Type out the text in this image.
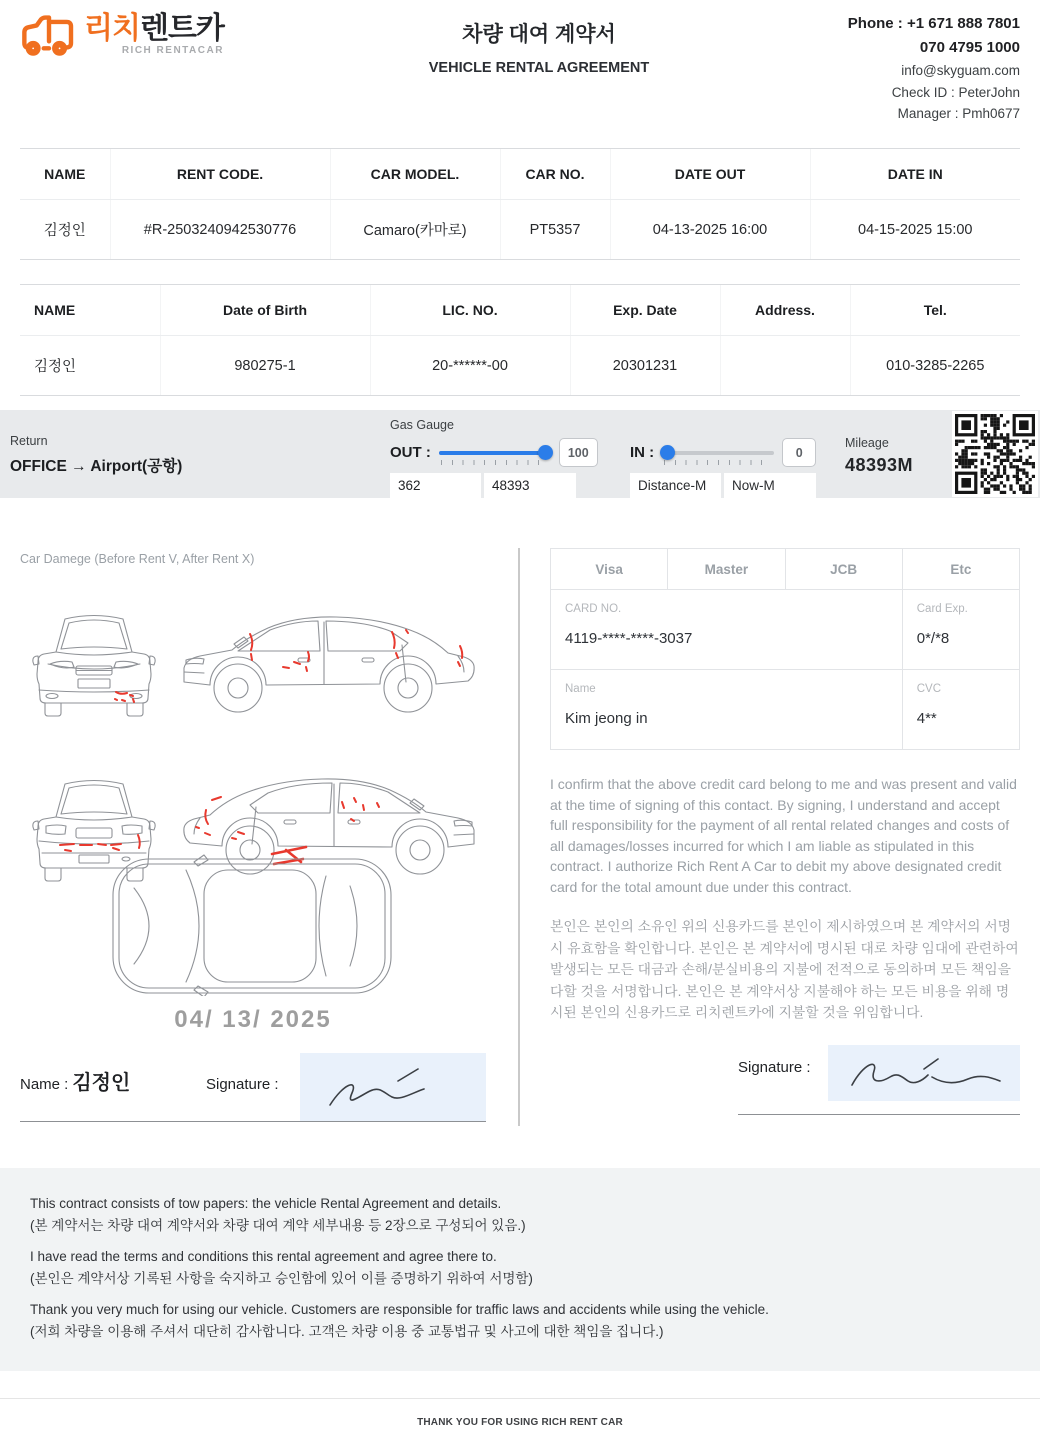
리치렌트카
RICH RENTACAR
차량 대여 계약서
VEHICLE RENTAL AGREEMENT
Phone : +1 671 888 7801
070 4795 1000
info@skyguam.com
Check ID : PeterJohn
Manager : Pmh0677
NAME	RENT CODE.	CAR MODEL.	CAR NO.	DATE OUT	DATE IN
김정인	#R-2503240942530776	Camaro(카마로)	PT5357	04-13-2025 16:00	04-15-2025 15:00
NAME	Date of Birth	LIC. NO.	Exp. Date	Address.	Tel.
김정인	980275-1	20-******-00	20301231		010-3285-2265
Return
OFFICE → Airport(공항)
Gas Gauge
OUT :	100
362
48393	IN :	0
Distance-M
Now-M
Mileage
48393M
Car Damege (Before Rent V, After Rent X)
04/ 13/ 2025
Name : 김정인	Signature :
Visa	Master	JCB	Etc

CARD NO.
4119-****-****-3037

Card Exp.
0*/*8

Name
Kim jeong in

CVC
4**

I confirm that the above credit card belong to me and was present and valid at the time of signing of this contact. By signing, I understand and accept full responsibility for the payment of all rental related changes and costs of all damages/losses incurred for which I am liable as stipulated in this contract. I authorize Rich Rent A Car to debit my above designated credit card for the total amount due under this contract.

본인은 본인의 소유인 위의 신용카드를 본인이 제시하였으며 본 계약서의 서명시 유효함을 확인합니다. 본인은 본 계약서에 명시된 대로 차량 임대에 관련하여 발생되는 모든 대금과 손해/분실비용의 지불에 전적으로 동의하며 모든 책임을 다할 것을 서명합니다. 본인은 본 계약서상 지불해야 하는 모든 비용을 위해 명시된 본인의 신용카드로 리치렌트카에 지불할 것을 위임합니다.

Signature :

This contract consists of tow papers: the vehicle Rental Agreement and details.
(본 계약서는 차량 대여 계약서와 차량 대여 계약 세부내용 등 2장으로 구성되어 있음.)

I have read the terms and conditions this rental agreement and agree there to.
(본인은 계약서상 기록된 사항을 숙지하고 승인함에 있어 이를 증명하기 위하여 서명함)

Thank you very much for using our vehicle. Customers are responsible for traffic laws and accidents while using the vehicle.
(저희 차량을 이용해 주셔서 대단히 감사합니다. 고객은 차량 이용 중 교통법규 및 사고에 대한 책임을 집니다.)

THANK YOU FOR USING RICH RENT CAR
